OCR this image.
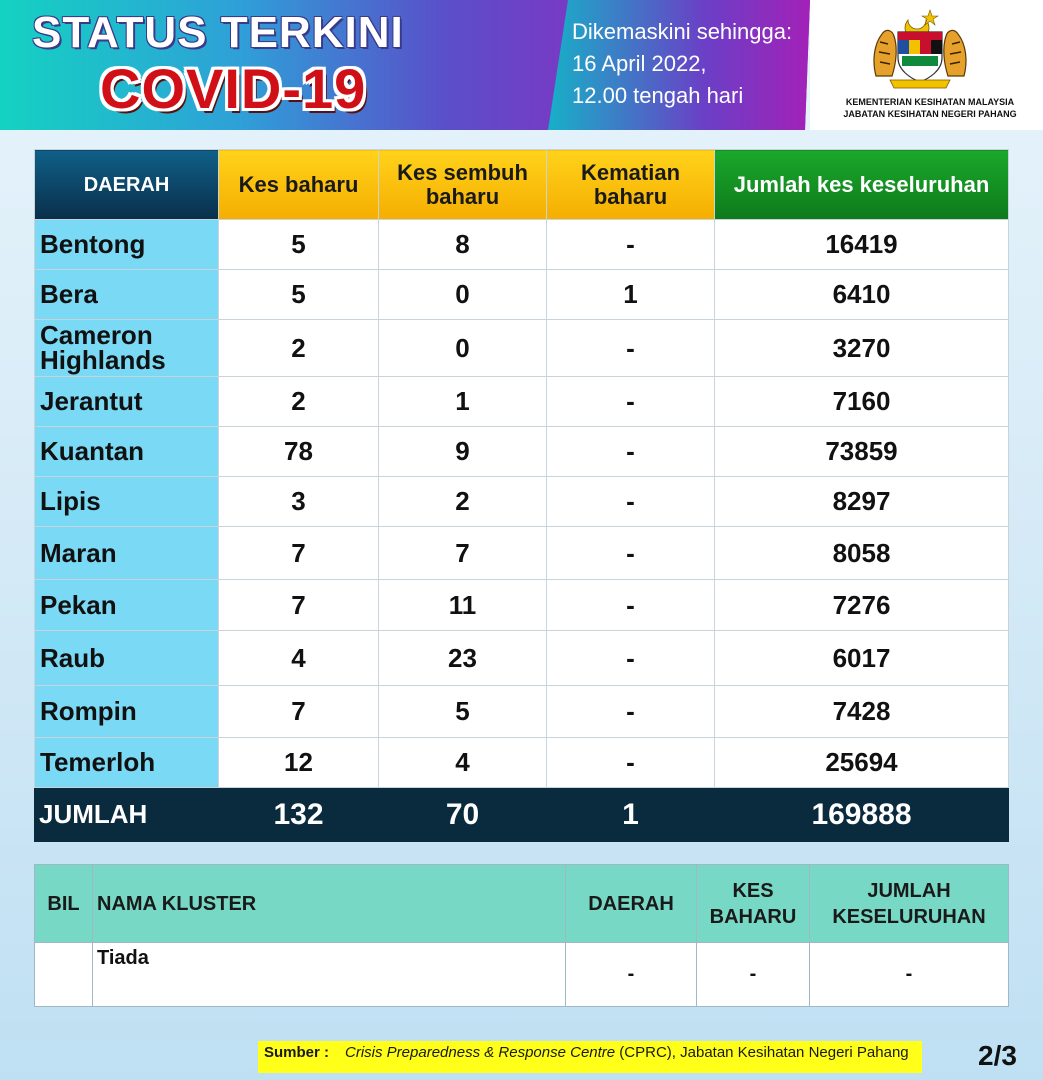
STATUS TERKINI
COVID-19
Dikemaskini sehingga:
16 April 2022,
12.00 tengah hari	KEMENTERIAN KESIHATAN MALAYSIA
JABATAN KESIHATAN NEGERI PAHANG
DAERAH	Kes baharu	Kes sembuh baharu	Kematian baharu	Jumlah kes keseluruhan
Bentong	5	8	-	16419
Bera	5	0	1	6410
Cameron Highlands	2	0	-	3270
Jerantut	2	1	-	7160
Kuantan	78	9	-	73859
Lipis	3	2	-	8297
Maran	7	7	-	8058
Pekan	7	11	-	7276
Raub	4	23	-	6017
Rompin	7	5	-	7428
Temerloh	12	4	-	25694
JUMLAH	132	70	1	169888
BIL	NAMA KLUSTER	DAERAH	KES BAHARU	JUMLAH KESELURUHAN
	Tiada	-	-	-
Sumber : Crisis Preparedness & Response Centre (CPRC), Jabatan Kesihatan Negeri Pahang	2/3
